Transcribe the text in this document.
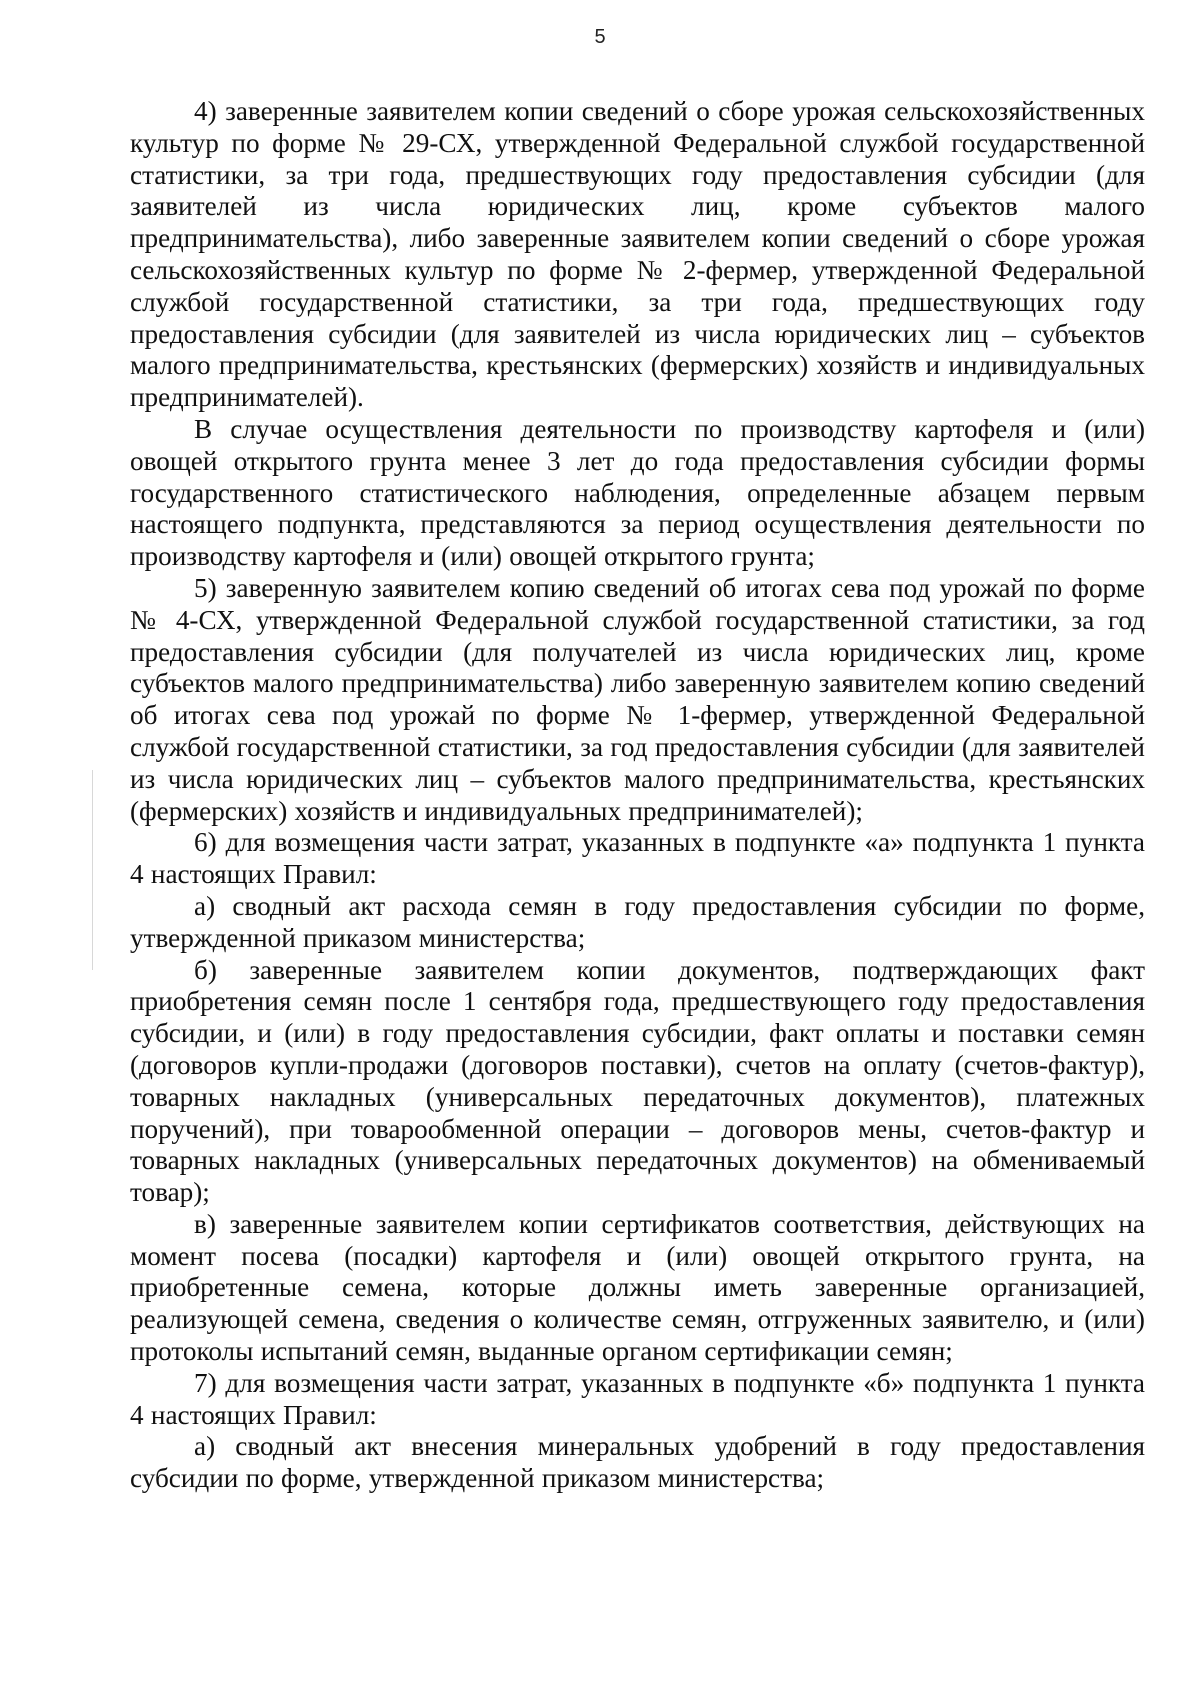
5

4) заверенные заявителем копии сведений о сборе урожая сельскохозяйственных культур по форме № 29-СХ, утвержденной Федеральной службой государственной статистики, за три года, предшествующих году предоставления субсидии (для заявителей из числа юридических лиц, кроме субъектов малого предпринимательства), либо заверенные заявителем копии сведений о сборе урожая сельскохозяйственных культур по форме № 2-фермер, утвержденной Федеральной службой государственной статистики, за три года, предшествующих году предоставления субсидии (для заявителей из числа юридических лиц – субъектов малого предпринимательства, крестьянских (фермерских) хозяйств и индивидуальных предпринимателей).

В случае осуществления деятельности по производству картофеля и (или) овощей открытого грунта менее 3 лет до года предоставления субсидии формы государственного статистического наблюдения, определенные абзацем первым настоящего подпункта, представляются за период осуществления деятельности по производству картофеля и (или) овощей открытого грунта;

5) заверенную заявителем копию сведений об итогах сева под урожай по форме № 4-СХ, утвержденной Федеральной службой государственной статистики, за год предоставления субсидии (для получателей из числа юридических лиц, кроме субъектов малого предпринимательства) либо заверенную заявителем копию сведений об итогах сева под урожай по форме № 1-фермер, утвержденной Федеральной службой государственной статистики, за год предоставления субсидии (для заявителей из числа юридических лиц – субъектов малого предпринимательства, крестьянских (фермерских) хозяйств и индивидуальных предпринимателей);

6) для возмещения части затрат, указанных в подпункте «а» подпункта 1 пункта 4 настоящих Правил:

а) сводный акт расхода семян в году предоставления субсидии по форме, утвержденной приказом министерства;

б) заверенные заявителем копии документов, подтверждающих факт приобретения семян после 1 сентября года, предшествующего году предоставления субсидии, и (или) в году предоставления субсидии, факт оплаты и поставки семян (договоров купли-продажи (договоров поставки), счетов на оплату (счетов-фактур), товарных накладных (универсальных передаточных документов), платежных поручений), при товарообменной операции – договоров мены, счетов-фактур и товарных накладных (универсальных передаточных документов) на обмениваемый товар);

в) заверенные заявителем копии сертификатов соответствия, действующих на момент посева (посадки) картофеля и (или) овощей открытого грунта, на приобретенные семена, которые должны иметь заверенные организацией, реализующей семена, сведения о количестве семян, отгруженных заявителю, и (или) протоколы испытаний семян, выданные органом сертификации семян;

7) для возмещения части затрат, указанных в подпункте «б» подпункта 1 пункта 4 настоящих Правил:

а) сводный акт внесения минеральных удобрений в году предоставления субсидии по форме, утвержденной приказом министерства;
